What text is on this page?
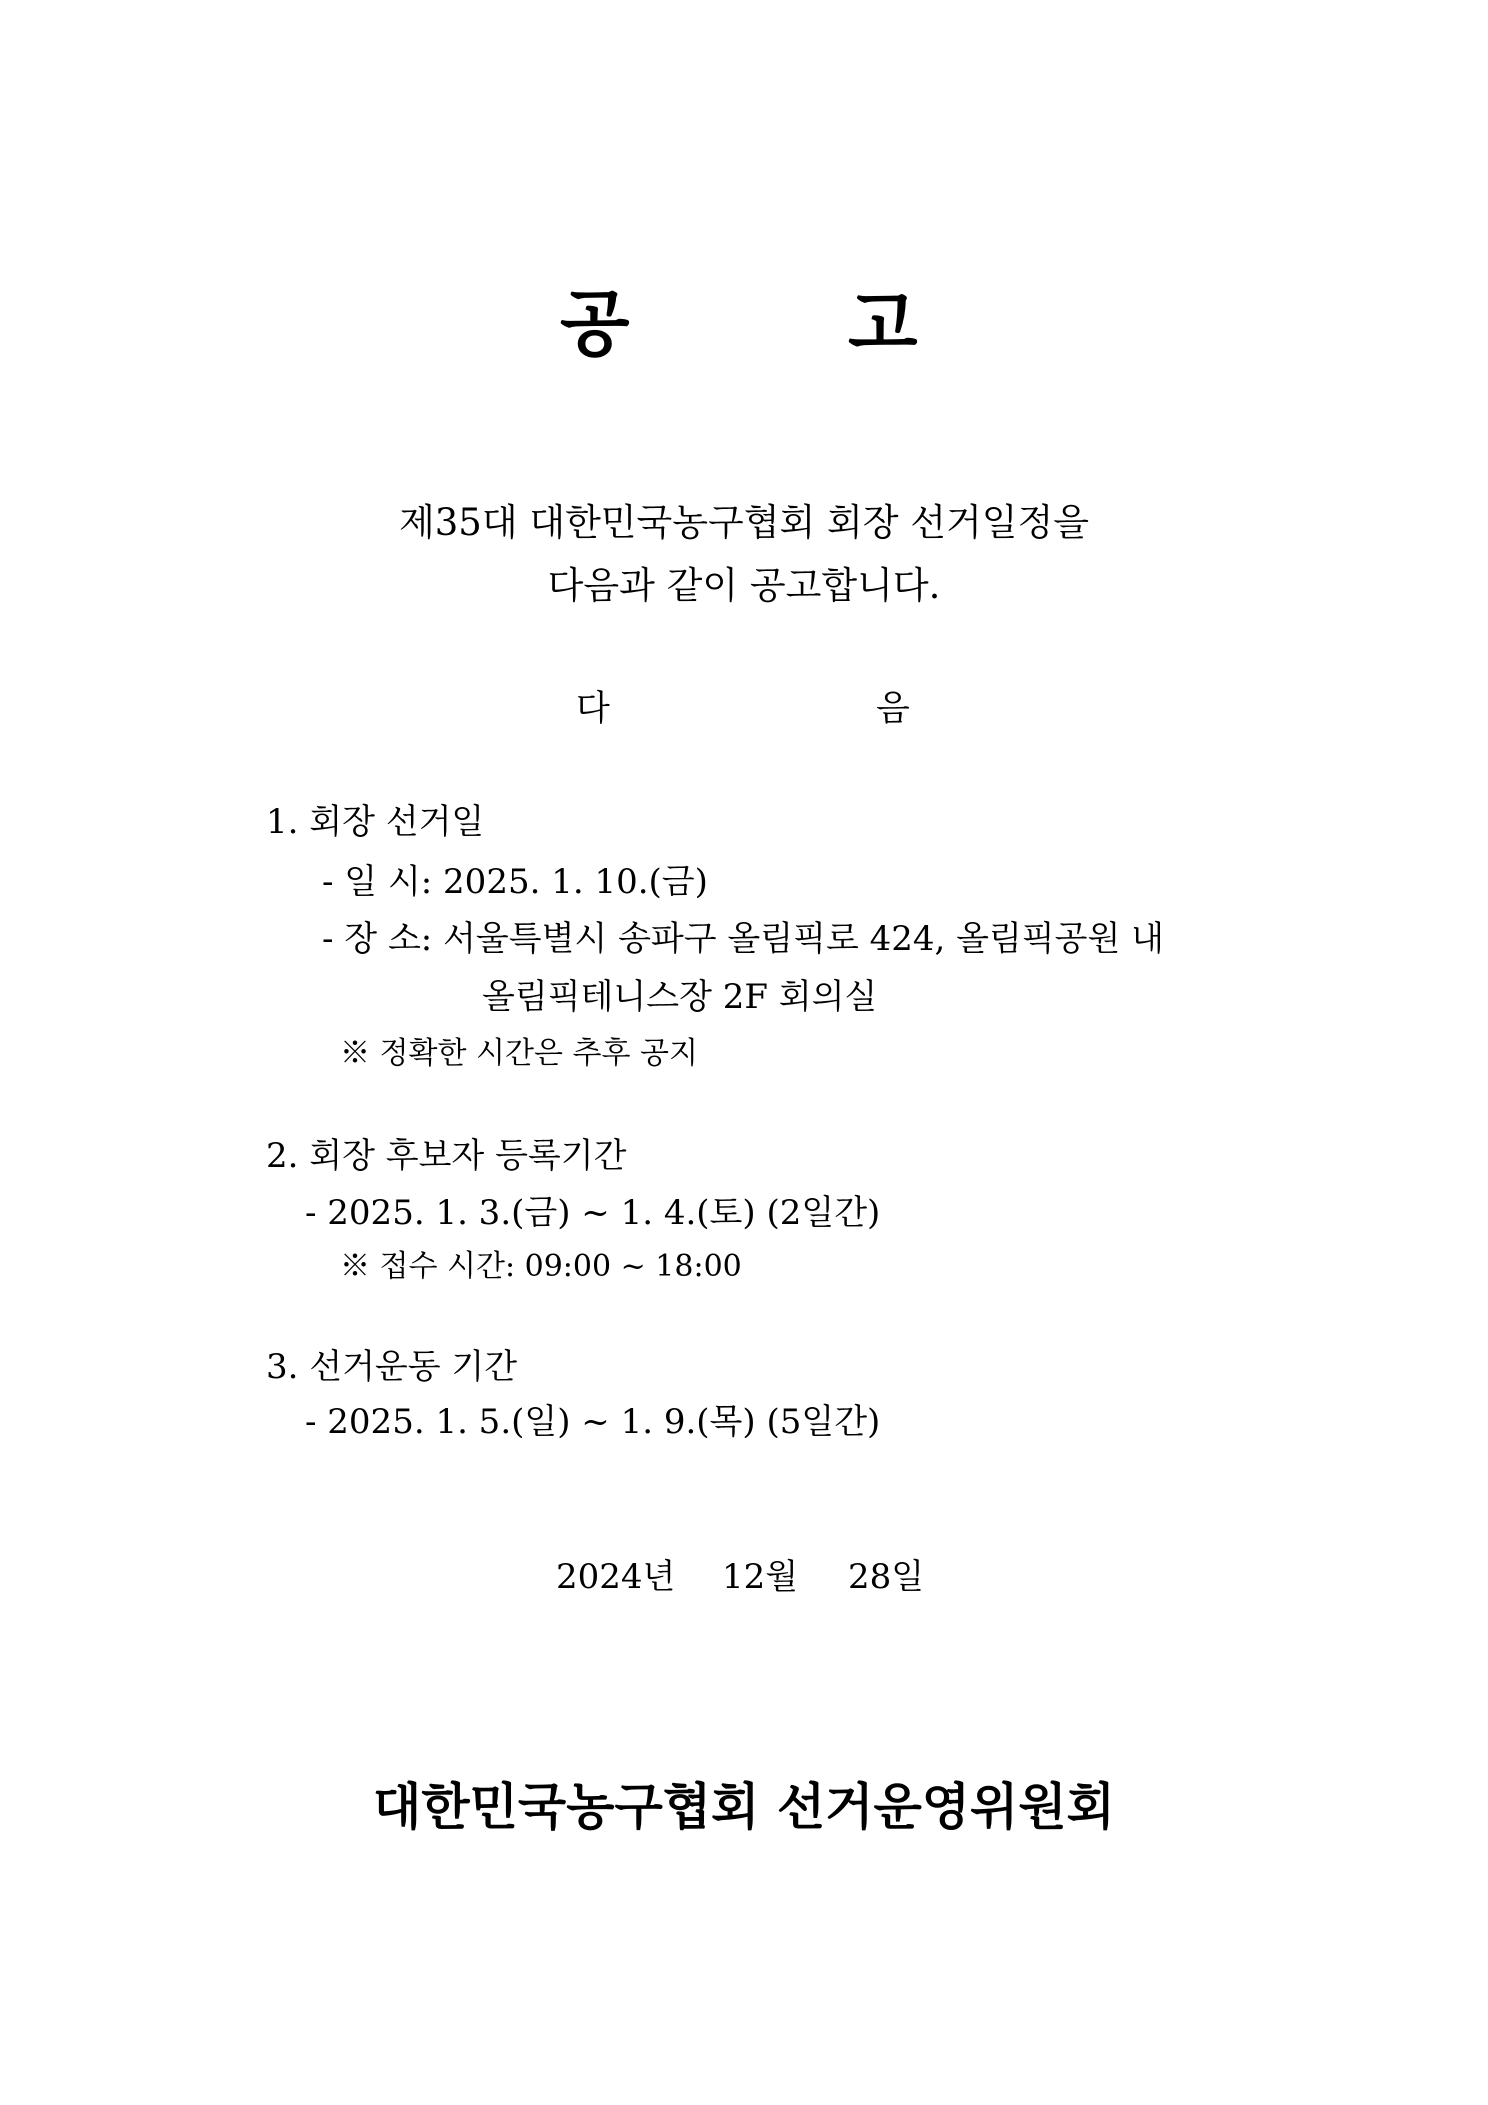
공	고
제35대 대한민국농구협회 회장 선거일정을
다음과 같이 공고합니다.
다	음
1. 회장 선거일
- 일 시: 2025. 1. 10.(금)
- 장 소: 서울특별시 송파구 올림픽로 424, 올림픽공원 내
올림픽테니스장 2F 회의실
※ 정확한 시간은 추후 공지
2. 회장 후보자 등록기간
- 2025. 1. 3.(금) ~ 1. 4.(토) (2일간)
※ 접수 시간: 09:00 ~ 18:00
3. 선거운동 기간
- 2025. 1. 5.(일) ~ 1. 9.(목) (5일간)
2024년 12월 28일
대한민국농구협회 선거운영위원회
